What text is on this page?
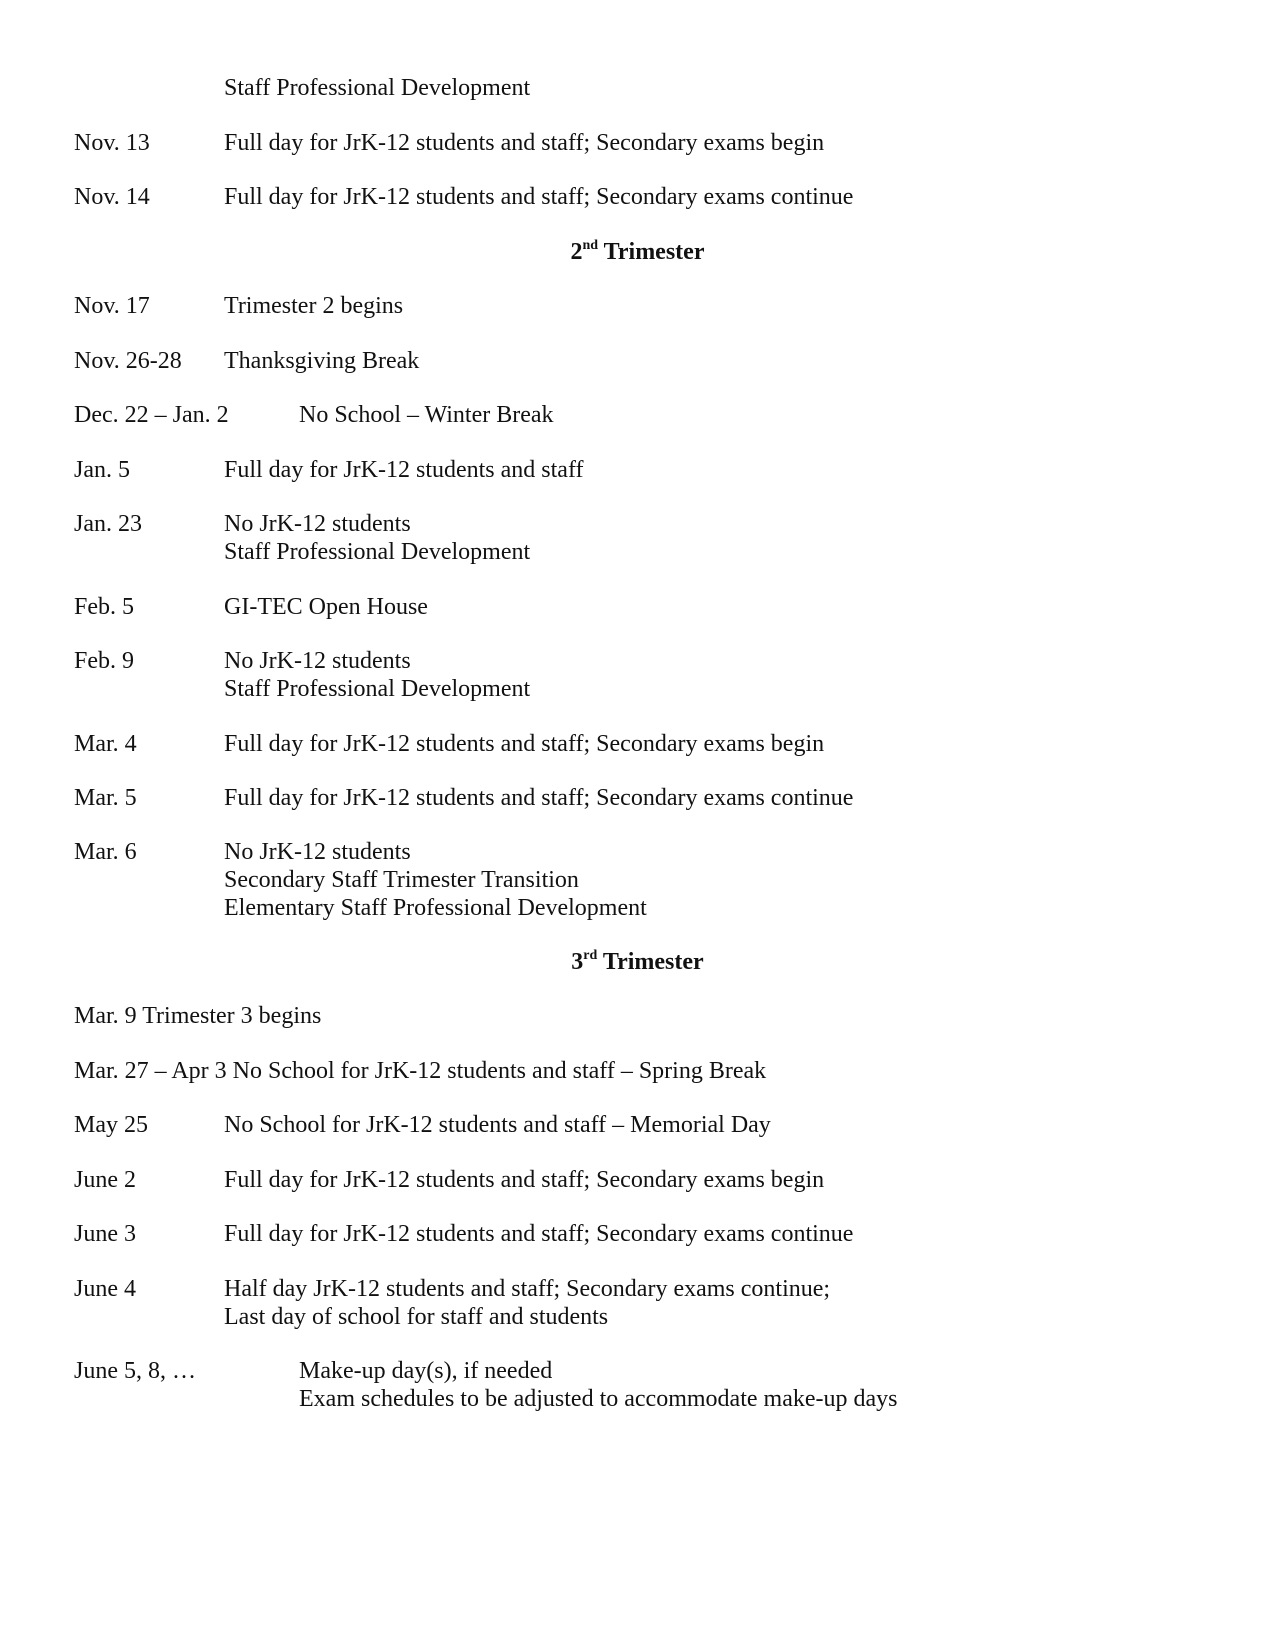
Staff Professional Development
Nov. 13	Full day for JrK-12 students and staff; Secondary exams begin
Nov. 14	Full day for JrK-12 students and staff; Secondary exams continue
2nd Trimester
Nov. 17	Trimester 2 begins
Nov. 26-28 Thanksgiving Break
Dec. 22 – Jan. 2	No School – Winter Break
Jan. 5	Full day for JrK-12 students and staff
Jan. 23	No JrK-12 students
Staff Professional Development
Feb. 5	GI-TEC Open House
Feb. 9	No JrK-12 students
Staff Professional Development
Mar. 4	Full day for JrK-12 students and staff; Secondary exams begin
Mar. 5	Full day for JrK-12 students and staff; Secondary exams continue
Mar. 6	No JrK-12 students
Secondary Staff Trimester Transition
Elementary Staff Professional Development
3rd Trimester
Mar. 9 Trimester 3 begins
Mar. 27 – Apr 3 No School for JrK-12 students and staff – Spring Break
May 25	No School for JrK-12 students and staff – Memorial Day
June 2	Full day for JrK-12 students and staff; Secondary exams begin
June 3	Full day for JrK-12 students and staff; Secondary exams continue
June 4	Half day JrK-12 students and staff; Secondary exams continue;
Last day of school for staff and students
June 5, 8, …	Make-up day(s), if needed
Exam schedules to be adjusted to accommodate make-up days
